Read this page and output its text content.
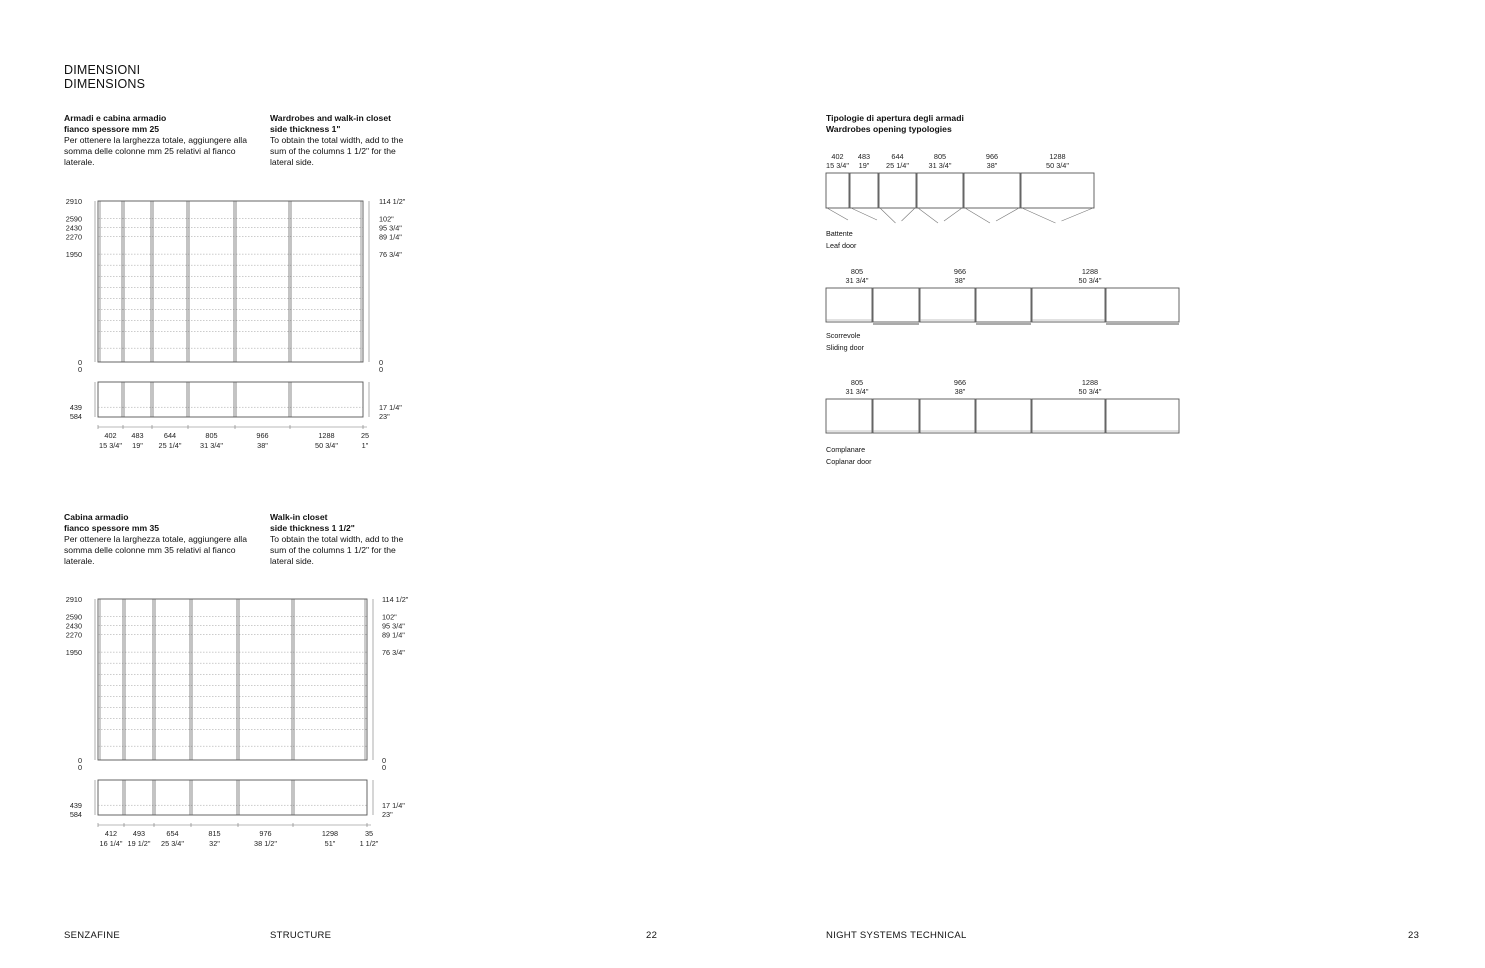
DIMENSIONI
DIMENSIONS
Armadi e cabina armadio
fianco spessore mm 25
Per ottenere la larghezza totale, aggiungere alla somma delle colonne mm 25 relativi al fianco laterale.
Wardrobes and walk-in closet
side thickness 1"
To obtain the total width, add to the sum of the columns 1 1/2" for the lateral side.
2910	114 1/2"
2590	102"
2430	95 3/4"
2270	89 1/4"
1950	76 3/4"
0	0
0	0
439	17 1/4"
584	23"
402
15 3/4"
483
19"
644
25 1/4"
805
31 3/4"
966
38"
1288
50 3/4"
25
1"
Cabina armadio
fianco spessore mm 35
Per ottenere la larghezza totale, aggiungere alla somma delle colonne mm 35 relativi al fianco laterale.
Walk-in closet
side thickness 1 1/2"
To obtain the total width, add to the sum of the columns 1 1/2" for the lateral side.
2910	114 1/2"
2590	102"
2430	95 3/4"
2270	89 1/4"
1950	76 3/4"
0	0
0	0
439	17 1/4"
584	23"
412
16 1/4"
493
19 1/2"
654
25 3/4"
815
32"
976
38 1/2"
1298
51"
35
1 1/2"
Tipologie di apertura degli armadi
Wardrobes opening typologies
402
15 3/4"
483
19"
644
25 1/4"
805
31 3/4"
966
38"
1288
50 3/4"
805
31 3/4"
966
38"
1288
50 3/4"
805
31 3/4"
966
38"
1288
50 3/4"
Battente
Leaf door
Scorrevole
Sliding door
Complanare
Coplanar door
SENZAFINE	STRUCTURE	22	NIGHT SYSTEMS TECHNICAL	23
